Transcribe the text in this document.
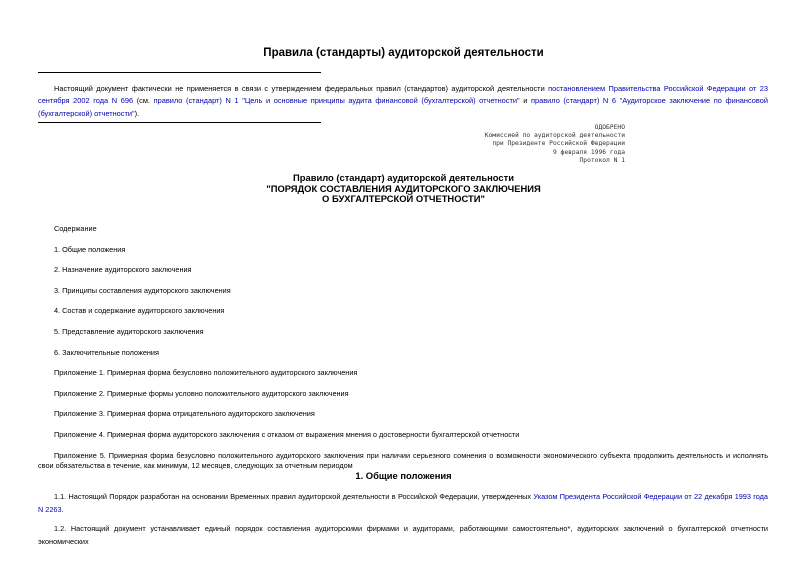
Правила (стандарты) аудиторской деятельности
Настоящий документ фактически не применяется в связи с утверждением федеральных правил (стандартов) аудиторской деятельности постановлением Правительства Российской Федерации от 23 сентября 2002 года N 696 (см. правило (стандарт) N 1 "Цель и основные принципы аудита финансовой (бухгалтерской) отчетности" и правило (стандарт) N 6 "Аудиторское заключение по финансовой (бухгалтерской) отчетности").
ОДОБРЕНО
Комиссией по аудиторской деятельности
при Президенте Российской Федерации
9 февраля 1996 года
Протокол N 1
Правило (стандарт) аудиторской деятельности
"ПОРЯДОК СОСТАВЛЕНИЯ АУДИТОРСКОГО ЗАКЛЮЧЕНИЯ
О БУХГАЛТЕРСКОЙ ОТЧЕТНОСТИ"
Содержание
1. Общие положения
2. Назначение аудиторского заключения
3. Принципы составления аудиторского заключения
4. Состав и содержание аудиторского заключения
5. Представление аудиторского заключения
6. Заключительные положения
Приложение 1. Примерная форма безусловно положительного аудиторского заключения
Приложение 2. Примерные формы условно положительного аудиторского заключения
Приложение 3. Примерная форма отрицательного аудиторского заключения
Приложение 4. Примерная форма аудиторского заключения с отказом от выражения мнения о достоверности бухгалтерской отчетности
Приложение 5. Примерная форма безусловно положительного аудиторского заключения при наличии серьезного сомнения о возможности экономического субъекта продолжить деятельность и исполнять свои обязательства в течение, как минимум, 12 месяцев, следующих за отчетным периодом
1. Общие положения
1.1. Настоящий Порядок разработан на основании Временных правил аудиторской деятельности в Российской Федерации, утвержденных Указом Президента Российской Федерации от 22 декабря 1993 года N 2263.
1.2. Настоящий документ устанавливает единый порядок составления аудиторскими фирмами и аудиторами, работающими самостоятельно*, аудиторских заключений о бухгалтерской отчетности экономических
